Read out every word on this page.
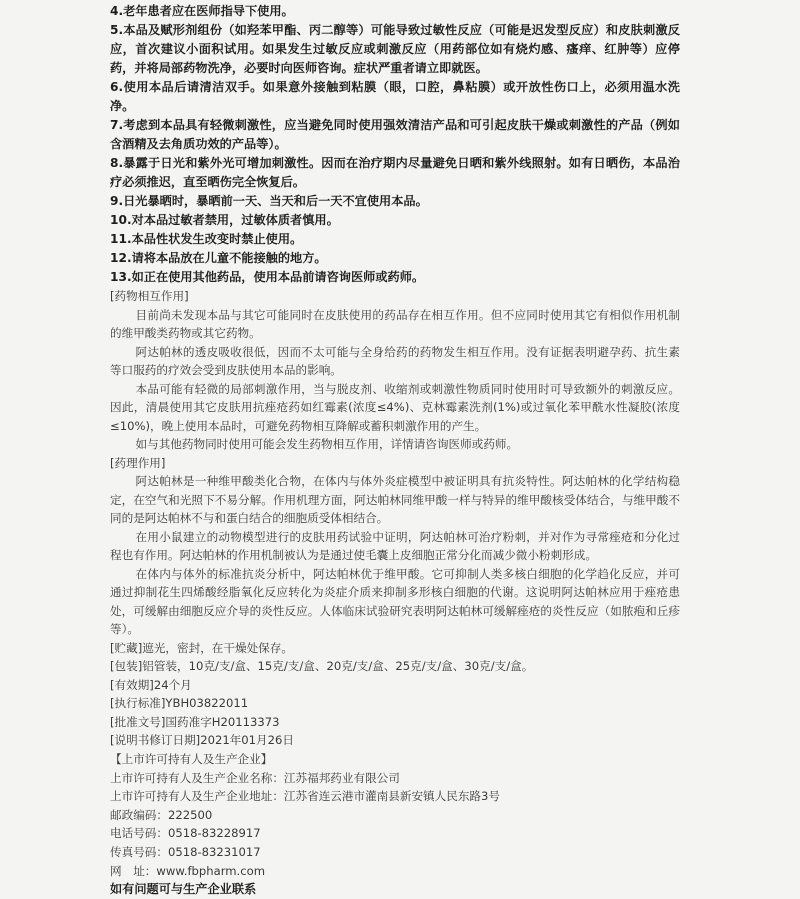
4.老年患者应在医师指导下使用。

5.本品及赋形剂组份（如羟苯甲酯、丙二醇等）可能导致过敏性反应（可能是迟发型反应）和皮肤刺激反应，首次建议小面积试用。如果发生过敏反应或刺激反应（用药部位如有烧灼感、瘙痒、红肿等）应停药，并将局部药物洗净，必要时向医师咨询。症状严重者请立即就医。

6.使用本品后请清洁双手。如果意外接触到粘膜（眼，口腔，鼻粘膜）或开放性伤口上，必须用温水洗净。

7.考虑到本品具有轻微刺激性，应当避免同时使用强效清洁产品和可引起皮肤干燥或刺激性的产品（例如含酒精及去角质功效的产品等）。

8.暴露于日光和紫外光可增加刺激性。因而在治疗期内尽量避免日晒和紫外线照射。如有日晒伤，本品治疗必须推迟，直至晒伤完全恢复后。

9.日光暴晒时，暴晒前一天、当天和后一天不宜使用本品。

10.对本品过敏者禁用，过敏体质者慎用。

11.本品性状发生改变时禁止使用。

12.请将本品放在儿童不能接触的地方。

13.如正在使用其他药品，使用本品前请咨询医师或药师。

[药物相互作用]

目前尚未发现本品与其它可能同时在皮肤使用的药品存在相互作用。但不应同时使用其它有相似作用机制的维甲酸类药物或其它药物。

阿达帕林的透皮吸收很低，因而不太可能与全身给药的药物发生相互作用。没有证据表明避孕药、抗生素等口服药的疗效会受到皮肤使用本品的影响。

本品可能有轻微的局部刺激作用，当与脱皮剂、收缩剂或刺激性物质同时使用时可导致额外的刺激反应。因此，清晨使用其它皮肤用抗痤疮药如红霉素(浓度≤4%)、克林霉素洗剂(1%)或过氧化苯甲酰水性凝胶(浓度≤10%)，晚上使用本品时，可避免药物相互降解或蓄积刺激作用的产生。

如与其他药物同时使用可能会发生药物相互作用，详情请咨询医师或药师。

[药理作用]

阿达帕林是一种维甲酸类化合物，在体内与体外炎症模型中被证明具有抗炎特性。阿达帕林的化学结构稳定，在空气和光照下不易分解。作用机理方面，阿达帕林同维甲酸一样与特异的维甲酸核受体结合，与维甲酸不同的是阿达帕林不与和蛋白结合的细胞质受体相结合。

在用小鼠建立的动物模型进行的皮肤用药试验中证明，阿达帕林可治疗粉刺，并对作为寻常痤疮和分化过程也有作用。阿达帕林的作用机制被认为是通过使毛囊上皮细胞正常分化而减少微小粉刺形成。

在体内与体外的标准抗炎分析中，阿达帕林优于维甲酸。它可抑制人类多核白细胞的化学趋化反应，并可通过抑制花生四烯酸经脂氧化反应转化为炎症介质来抑制多形核白细胞的代谢。这说明阿达帕林应用于痤疮患处，可缓解由细胞反应介导的炎性反应。人体临床试验研究表明阿达帕林可缓解痤疮的炎性反应（如脓疱和丘疹等）。

[贮藏]遮光，密封，在干燥处保存。

[包装]铝管装，10克/支/盒、15克/支/盒、20克/支/盒、25克/支/盒、30克/支/盒。

[有效期]24个月

[执行标准]YBH03822011

[批准文号]国药准字H20113373

[说明书修订日期]2021年01月26日

【上市许可持有人及生产企业】

上市许可持有人及生产企业名称：江苏福邦药业有限公司

上市许可持有人及生产企业地址：江苏省连云港市灌南县新安镇人民东路3号

邮政编码：222500

电话号码：0518-83228917

传真号码：0518-83231017

网　址：www.fbpharm.com

如有问题可与生产企业联系
